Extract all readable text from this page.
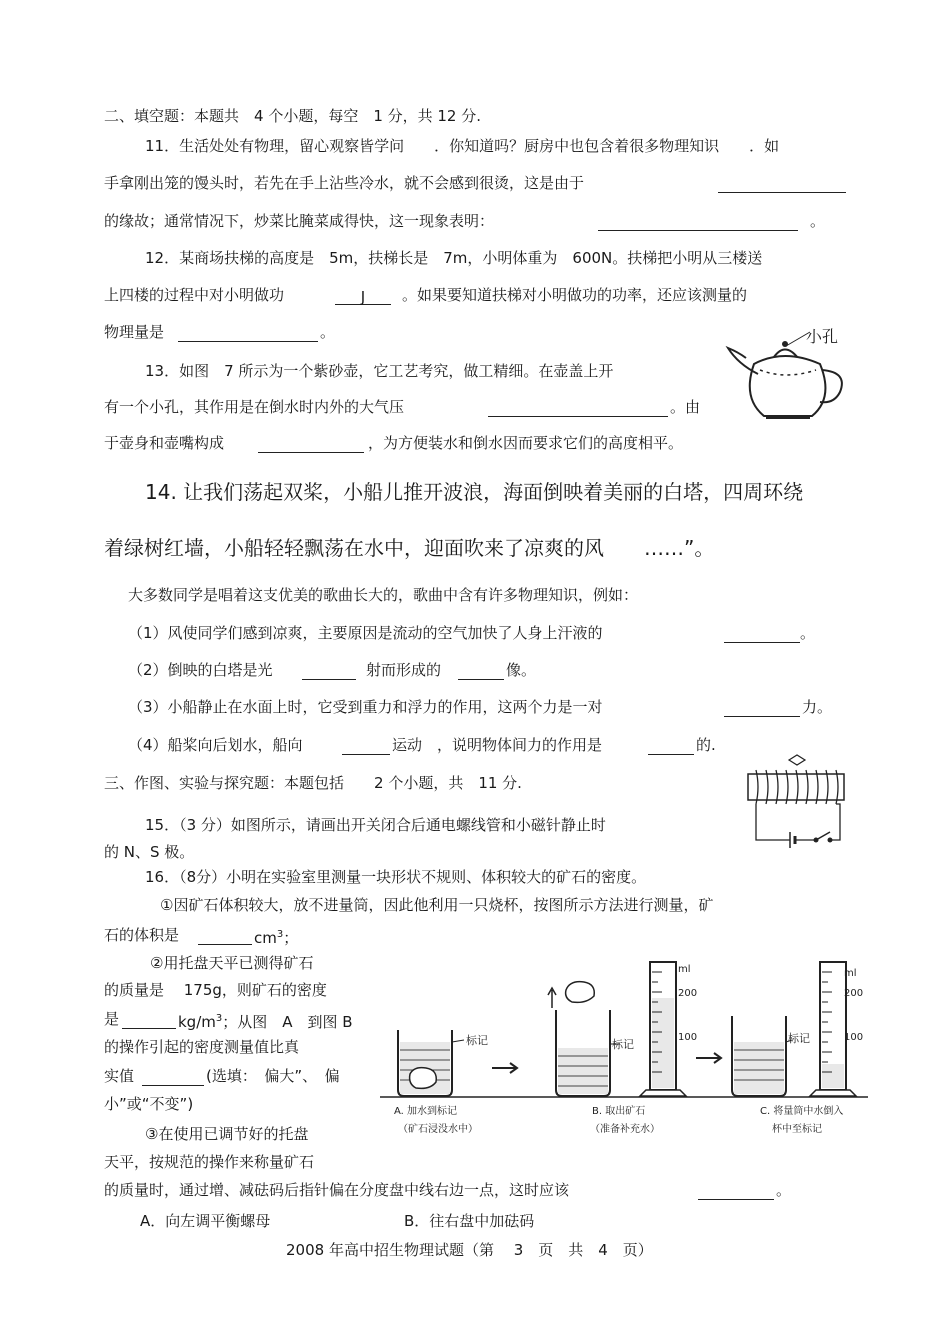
二、填空题：本题共　4 个小题，每空　1 分，共 12 分.
11．生活处处有物理，留心观察皆学问　　．你知道吗？厨房中也包含着很多物理知识　　．如
手拿刚出笼的馒头时，若先在手上沾些冷水，就不会感到很烫，这是由于
的缘故；通常情况下，炒菜比腌菜咸得快，这一现象表明：	。
12．某商场扶梯的高度是　5m，扶梯长是　7m，小明体重为　600N。扶梯把小明从三楼送
上四楼的过程中对小明做功	J	。如果要知道扶梯对小明做功的功率，还应该测量的
物理量是	。
13．如图　7 所示为一个紫砂壶，它工艺考究，做工精细。在壶盖上开
有一个小孔，其作用是在倒水时内外的大气压	。由
于壶身和壶嘴构成	，为方便装水和倒水因而要求它们的高度相平。
小孔
14. 让我们荡起双桨，小船儿推开波浪，海面倒映着美丽的白塔，四周环绕
着绿树红墙，小船轻轻飘荡在水中，迎面吹来了凉爽的风　　……”。
大多数同学是唱着这支优美的歌曲长大的，歌曲中含有许多物理知识，例如：
（1）风使同学们感到凉爽，主要原因是流动的空气加快了人身上汗液的	。
（2）倒映的白塔是光	射而形成的	像。
（3）小船静止在水面上时，它受到重力和浮力的作用，这两个力是一对	力。
（4）船桨向后划水，船向	运动　，说明物体间力的作用是	的.
三、作图、实验与探究题：本题包括　　2 个小题，共　11 分.
15．（3 分）如图所示，请画出开关闭合后通电螺线管和小磁针静止时
的 N、S 极。
16．（8分）小明在实验室里测量一块形状不规则、体积较大的矿石的密度。
①因矿石体积较大，放不进量筒，因此他利用一只烧杯，按图所示方法进行测量，矿
石的体积是	$cm^3$；
②用托盘天平已测得矿石
的质量是　 175g，则矿石的密度
是	$kg/m^3$；从图　A　到图 B
的操作引起的密度测量值比真
实值	(选填：　偏大”、　偏
小”或“不变”)
③在使用已调节好的托盘
天平，按规范的操作来称量矿石
的质量时，通过增、减砝码后指针偏在分度盘中线右边一点，这时应该	。
A．向左调平衡螺母	B．往右盘中加砝码
标记	标记
ml
200
100	标记
ml
200
100
A. 加水到标记
（矿石浸没水中）
B. 取出矿石
（准备补充水）
C. 将量筒中水倒入
杯中至标记
2008 年高中招生物理试题（第　 3　页　共　4　页）
